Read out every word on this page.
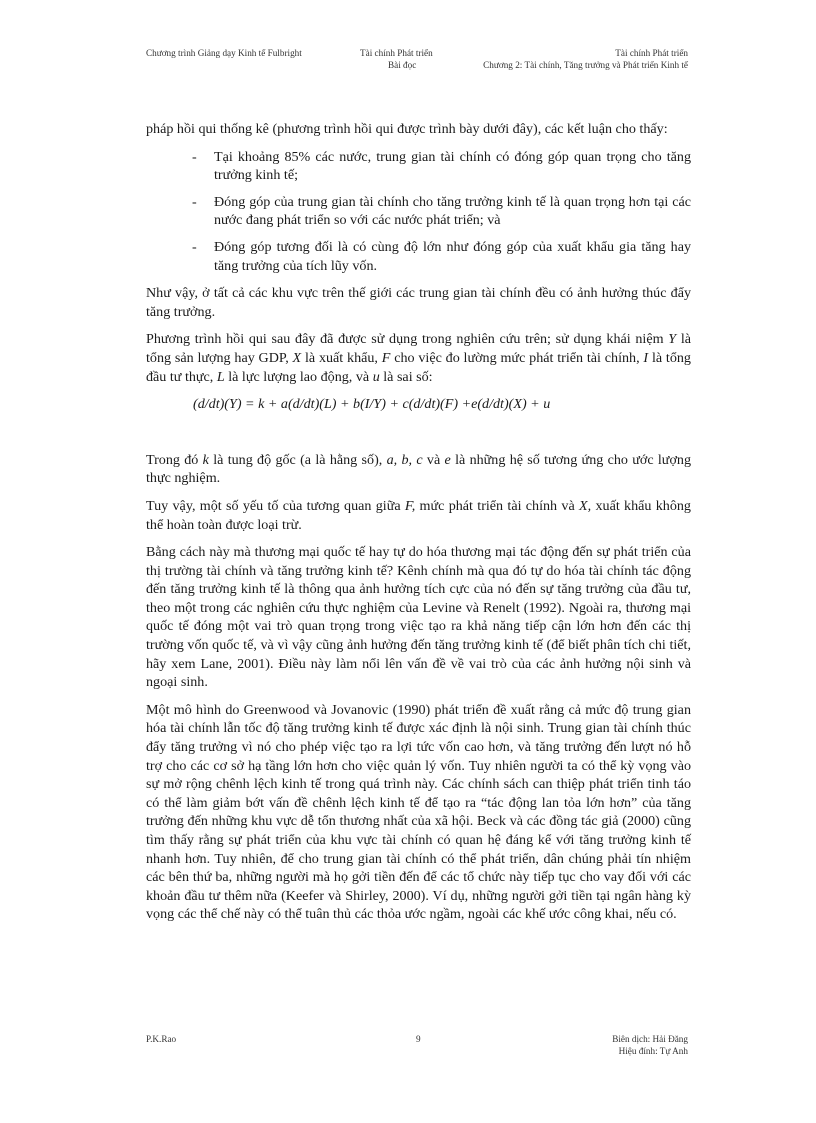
Chương trình Giảng dạy Kinh tế Fulbright	Tài chính Phát triển
Bài đọc
Tài chính Phát triển
Chương 2: Tài chính, Tăng trưởng và Phát triển Kinh tế

pháp hồi qui thống kê (phương trình hồi qui được trình bày dưới đây), các kết luận cho thấy:

- Tại khoảng 85% các nước, trung gian tài chính có đóng góp quan trọng cho tăng trưởng kinh tế;
- Đóng góp của trung gian tài chính cho tăng trưởng kinh tế là quan trọng hơn tại các nước đang phát triển so với các nước phát triển; và
- Đóng góp tương đối là có cùng độ lớn như đóng góp của xuất khẩu gia tăng hay tăng trưởng của tích lũy vốn.

Như vậy, ở tất cả các khu vực trên thế giới các trung gian tài chính đều có ảnh hưởng thúc đẩy tăng trưởng.

Phương trình hồi qui sau đây đã được sử dụng trong nghiên cứu trên; sử dụng khái niệm Y là tổng sản lượng hay GDP, X là xuất khẩu, F cho việc đo lường mức phát triển tài chính, I là tổng đầu tư thực, L là lực lượng lao động, và u là sai số:

(d/dt)(Y) = k + a(d/dt)(L) + b(I/Y) + c(d/dt)(F) +e(d/dt)(X) + u

Trong đó k là tung độ gốc (a là hằng số), a, b, c và e là những hệ số tương ứng cho ước lượng thực nghiệm.

Tuy vậy, một số yếu tố của tương quan giữa F, mức phát triển tài chính và X, xuất khẩu không thể hoàn toàn được loại trừ.

Bằng cách này mà thương mại quốc tế hay tự do hóa thương mại tác động đến sự phát triển của thị trường tài chính và tăng trưởng kinh tế? Kênh chính mà qua đó tự do hóa tài chính tác động đến tăng trưởng kinh tế là thông qua ảnh hưởng tích cực của nó đến sự tăng trưởng của đầu tư, theo một trong các nghiên cứu thực nghiệm của Levine và Renelt (1992). Ngoài ra, thương mại quốc tế đóng một vai trò quan trọng trong việc tạo ra khả năng tiếp cận lớn hơn đến các thị trường vốn quốc tế, và vì vậy cũng ảnh hưởng đến tăng trưởng kinh tế (để biết phân tích chi tiết, hãy xem Lane, 2001). Điều này làm nổi lên vấn đề về vai trò của các ảnh hưởng nội sinh và ngoại sinh.

Một mô hình do Greenwood và Jovanovic (1990) phát triển đề xuất rằng cả mức độ trung gian hóa tài chính lẫn tốc độ tăng trưởng kinh tế được xác định là nội sinh. Trung gian tài chính thúc đẩy tăng trưởng vì nó cho phép việc tạo ra lợi tức vốn cao hơn, và tăng trưởng đến lượt nó hỗ trợ cho các cơ sở hạ tầng lớn hơn cho việc quản lý vốn. Tuy nhiên người ta có thể kỳ vọng vào sự mở rộng chênh lệch kinh tế trong quá trình này. Các chính sách can thiệp phát triển tinh táo có thể làm giảm bớt vấn đề chênh lệch kinh tế để tạo ra “tác động lan tỏa lớn hơn” của tăng trưởng đến những khu vực dễ tổn thương nhất của xã hội. Beck và các đồng tác giả (2000) cũng tìm thấy rằng sự phát triển của khu vực tài chính có quan hệ đáng kể với tăng trưởng kinh tế nhanh hơn. Tuy nhiên, để cho trung gian tài chính có thể phát triển, dân chúng phải tín nhiệm các bên thứ ba, những người mà họ gởi tiền đến để các tổ chức này tiếp tục cho vay đối với các khoản đầu tư thêm nữa (Keefer và Shirley, 2000). Ví dụ, những người gởi tiền tại ngân hàng kỳ vọng các thể chế này có thể tuân thủ các thỏa ước ngầm, ngoài các khế ước công khai, nếu có.

P.K.Rao	9	Biên dịch: Hải Đăng
Hiệu đính: Tự Anh
